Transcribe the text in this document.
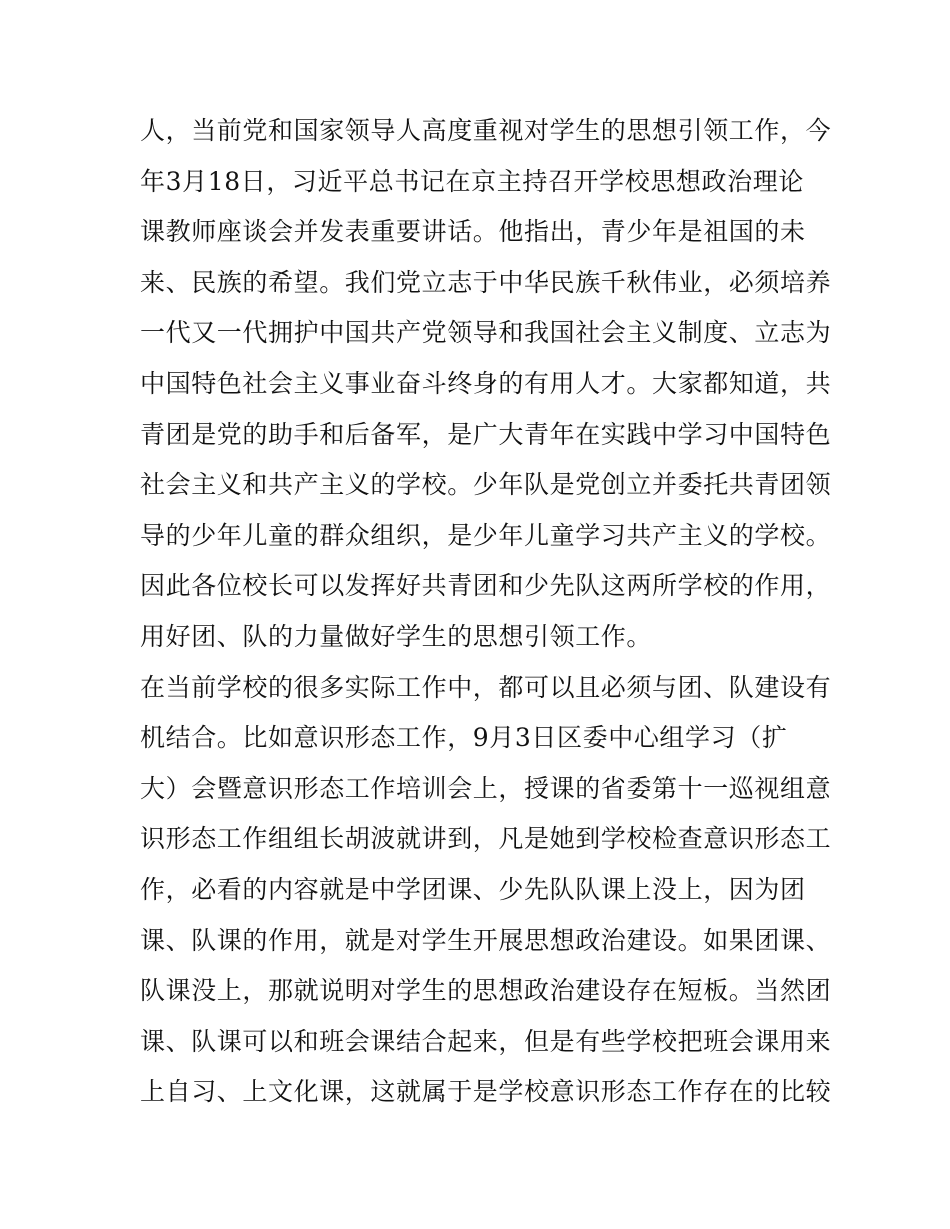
人，当前党和国家领导人高度重视对学生的思想引领工作，今
年3月18日，习近平总书记在京主持召开学校思想政治理论
课教师座谈会并发表重要讲话。他指出，青少年是祖国的未
来、民族的希望。我们党立志于中华民族千秋伟业，必须培养
一代又一代拥护中国共产党领导和我国社会主义制度、立志为
中国特色社会主义事业奋斗终身的有用人才。大家都知道，共
青团是党的助手和后备军，是广大青年在实践中学习中国特色
社会主义和共产主义的学校。少年队是党创立并委托共青团领
导的少年儿童的群众组织，是少年儿童学习共产主义的学校。
因此各位校长可以发挥好共青团和少先队这两所学校的作用，
用好团、队的力量做好学生的思想引领工作。
在当前学校的很多实际工作中，都可以且必须与团、队建设有
机结合。比如意识形态工作，9月3日区委中心组学习（扩
大）会暨意识形态工作培训会上，授课的省委第十一巡视组意
识形态工作组组长胡波就讲到，凡是她到学校检查意识形态工
作，必看的内容就是中学团课、少先队队课上没上，因为团
课、队课的作用，就是对学生开展思想政治建设。如果团课、
队课没上，那就说明对学生的思想政治建设存在短板。当然团
课、队课可以和班会课结合起来，但是有些学校把班会课用来
上自习、上文化课，这就属于是学校意识形态工作存在的比较
